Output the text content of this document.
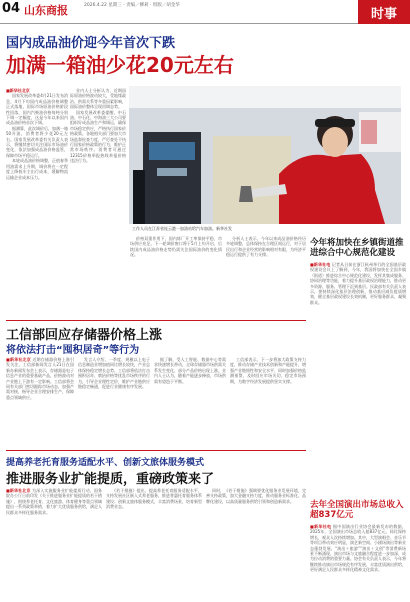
04 山东商报	2026.4.22 星期三 · 责编／柳莉 · 组版／胡金华
时事
国内成品油价迎今年首次下跌
加满一箱油少花20元左右
■新华社北京

国家发展改革委4月21日发布消息，4月下旬国内成品油价格调整正式落地，国际市场原油价格阶段性回落，国内汽柴油价格每吨分别下调一定幅度，这是今年以来国内成品油价格首次下调。

据测算，此次调价后，加满一箱50升油，消费者将少花20元左右。国家发展改革委有关负责人表示，将继续密切关注国际市场油价变化，依法加强成品油价格监管，保障市场平稳运行。

本轮成品油价格调整，正值春季用油需求上升期，调价将在一定程度上降低车主出行成本，缓解物流运输企业成本压力。

业内人士分析认为，近期国际原油价格波动较大，受地缘政治、供需关系等多重因素影响，国际油价整体呈现回调态势。

国家发展改革委提醒，中石油、中石化、中海油三大公司要组织好成品油生产和调运，确保市场稳定供应，严格执行国家价格政策。各地相关部门要加大市场监督检查力度，严厉查处不执行国家价格政策的行为，维护正常市场秩序。消费者可通过12315价格举报热线举报价格违法行为。

工作人员在江苏省连云港一加油站给汽车加油。新华社发

价格双重作用下，国内炼厂开工率保持平稳，市场供应充足。下一轮调价窗口将于5月上旬开启，后续国内成品油价格走势仍需关注国际油价的变化情况。

分析人士表示，今年以来成品油价格经历多轮调整，总体保持在合理区间运行，对于居民出行和企业经营的影响相对有限，为经济平稳运行提供了有力支撑。

今年将加快在乡镇街道推进综合中心规范化建设
■新华社电 记者从日前在浙江杭州举行的全国基层政权建设会议上了解到，今年，我国将加快在全国乡镇（街道）推进综合中心规范化建设，发挥其集成服务、协同治理等功能，着力提升基层政权治理能力，推动更多资源、服务、管理下沉到基层。民政部有关负责人表示，要持续深化基层治理创新，推动基层减负提质增效，健全基层政权建设长效机制，更好服务群众、凝聚群众。
工信部回应存储器价格上涨
将依法打击“囤积居奇”等行为
■新华社北京 近期存储器价格上涨引发关注。工信部新闻发言人21日在国新办新闻发布会上表示，存储器是电子信息产业的重要基础产品，价格波动对产业链上下游有一定影响。工信部将会同有关部门密切跟踪市场动态，加强产需对接，指导企业合理安排生产，保障重点领域供应。

发言人介绍，一季度，规模以上电子信息制造业增加值同比增长较快，产业总体保持稳定增长态势。工信部将依法打击囤积居奇、哄抬价格等扰乱市场秩序的行为，引导企业理性定价，维护产业链供应链稳定畅通，促进行业健康有序发展。

据了解，受人工智能、数据中心等需求快速增长带动，全球存储器市场供需关系发生变化，部分产品价格出现上涨。业内人士认为，随着产能逐步释放，市场供需有望趋于平衡。

工信部表示，下一步将加大政策支持力度，推动存储产业技术创新和产能提升，增强产业链韧性和安全水平，同时加强价格监测预警，及时回应市场关切，稳定市场预期，为数字经济发展提供坚实支撑。

去年全国演出市场总收入超837亿元
■新华社电 据中国演出行业协会最新发布的数据，2025年，全国演出市场总收入超837亿元，同比保持增长，观众人次持续增加。其中，大型演唱会、音乐节等项目带动效应明显，演艺新空间、小剧场演出等新业态蓬勃发展。“演出＋旅游”“演出＋文创”等消费新场景不断涌现，演出市场与文旅融合程度进一步加深，成为拉动消费的重要力量。协会有关负责人表示，今年将继续推动演出市场规范有序发展，丰富优质演出供给，更好满足人民群众多样化精神文化需求。
提高养老托育服务适配水平、创新文旅体服务模式
推进服务业扩能提质，重磅政策来了
■新华社北京 为深入实施服务业扩能提质行动，国务院办公厅日前印发《关于推进服务业扩能提质的若干措施》，围绕养老托育、文化旅游、体育健身等重点领域提出一系列政策举措，着力扩大优质服务供给，满足人民群众多样化服务需求。

《若干措施》提出，提高养老托育服务适配水平，支持发展社区嵌入式养老服务，推进普惠托育服务体系建设；创新文旅体服务模式，丰富消费场景，培育新型消费业态。

同时，《若干措施》强调要优化服务业发展环境，完善支持政策，加大金融支持力度，推动服务业标准化、品牌化建设，以高质量服务供给引领和创造新需求。
